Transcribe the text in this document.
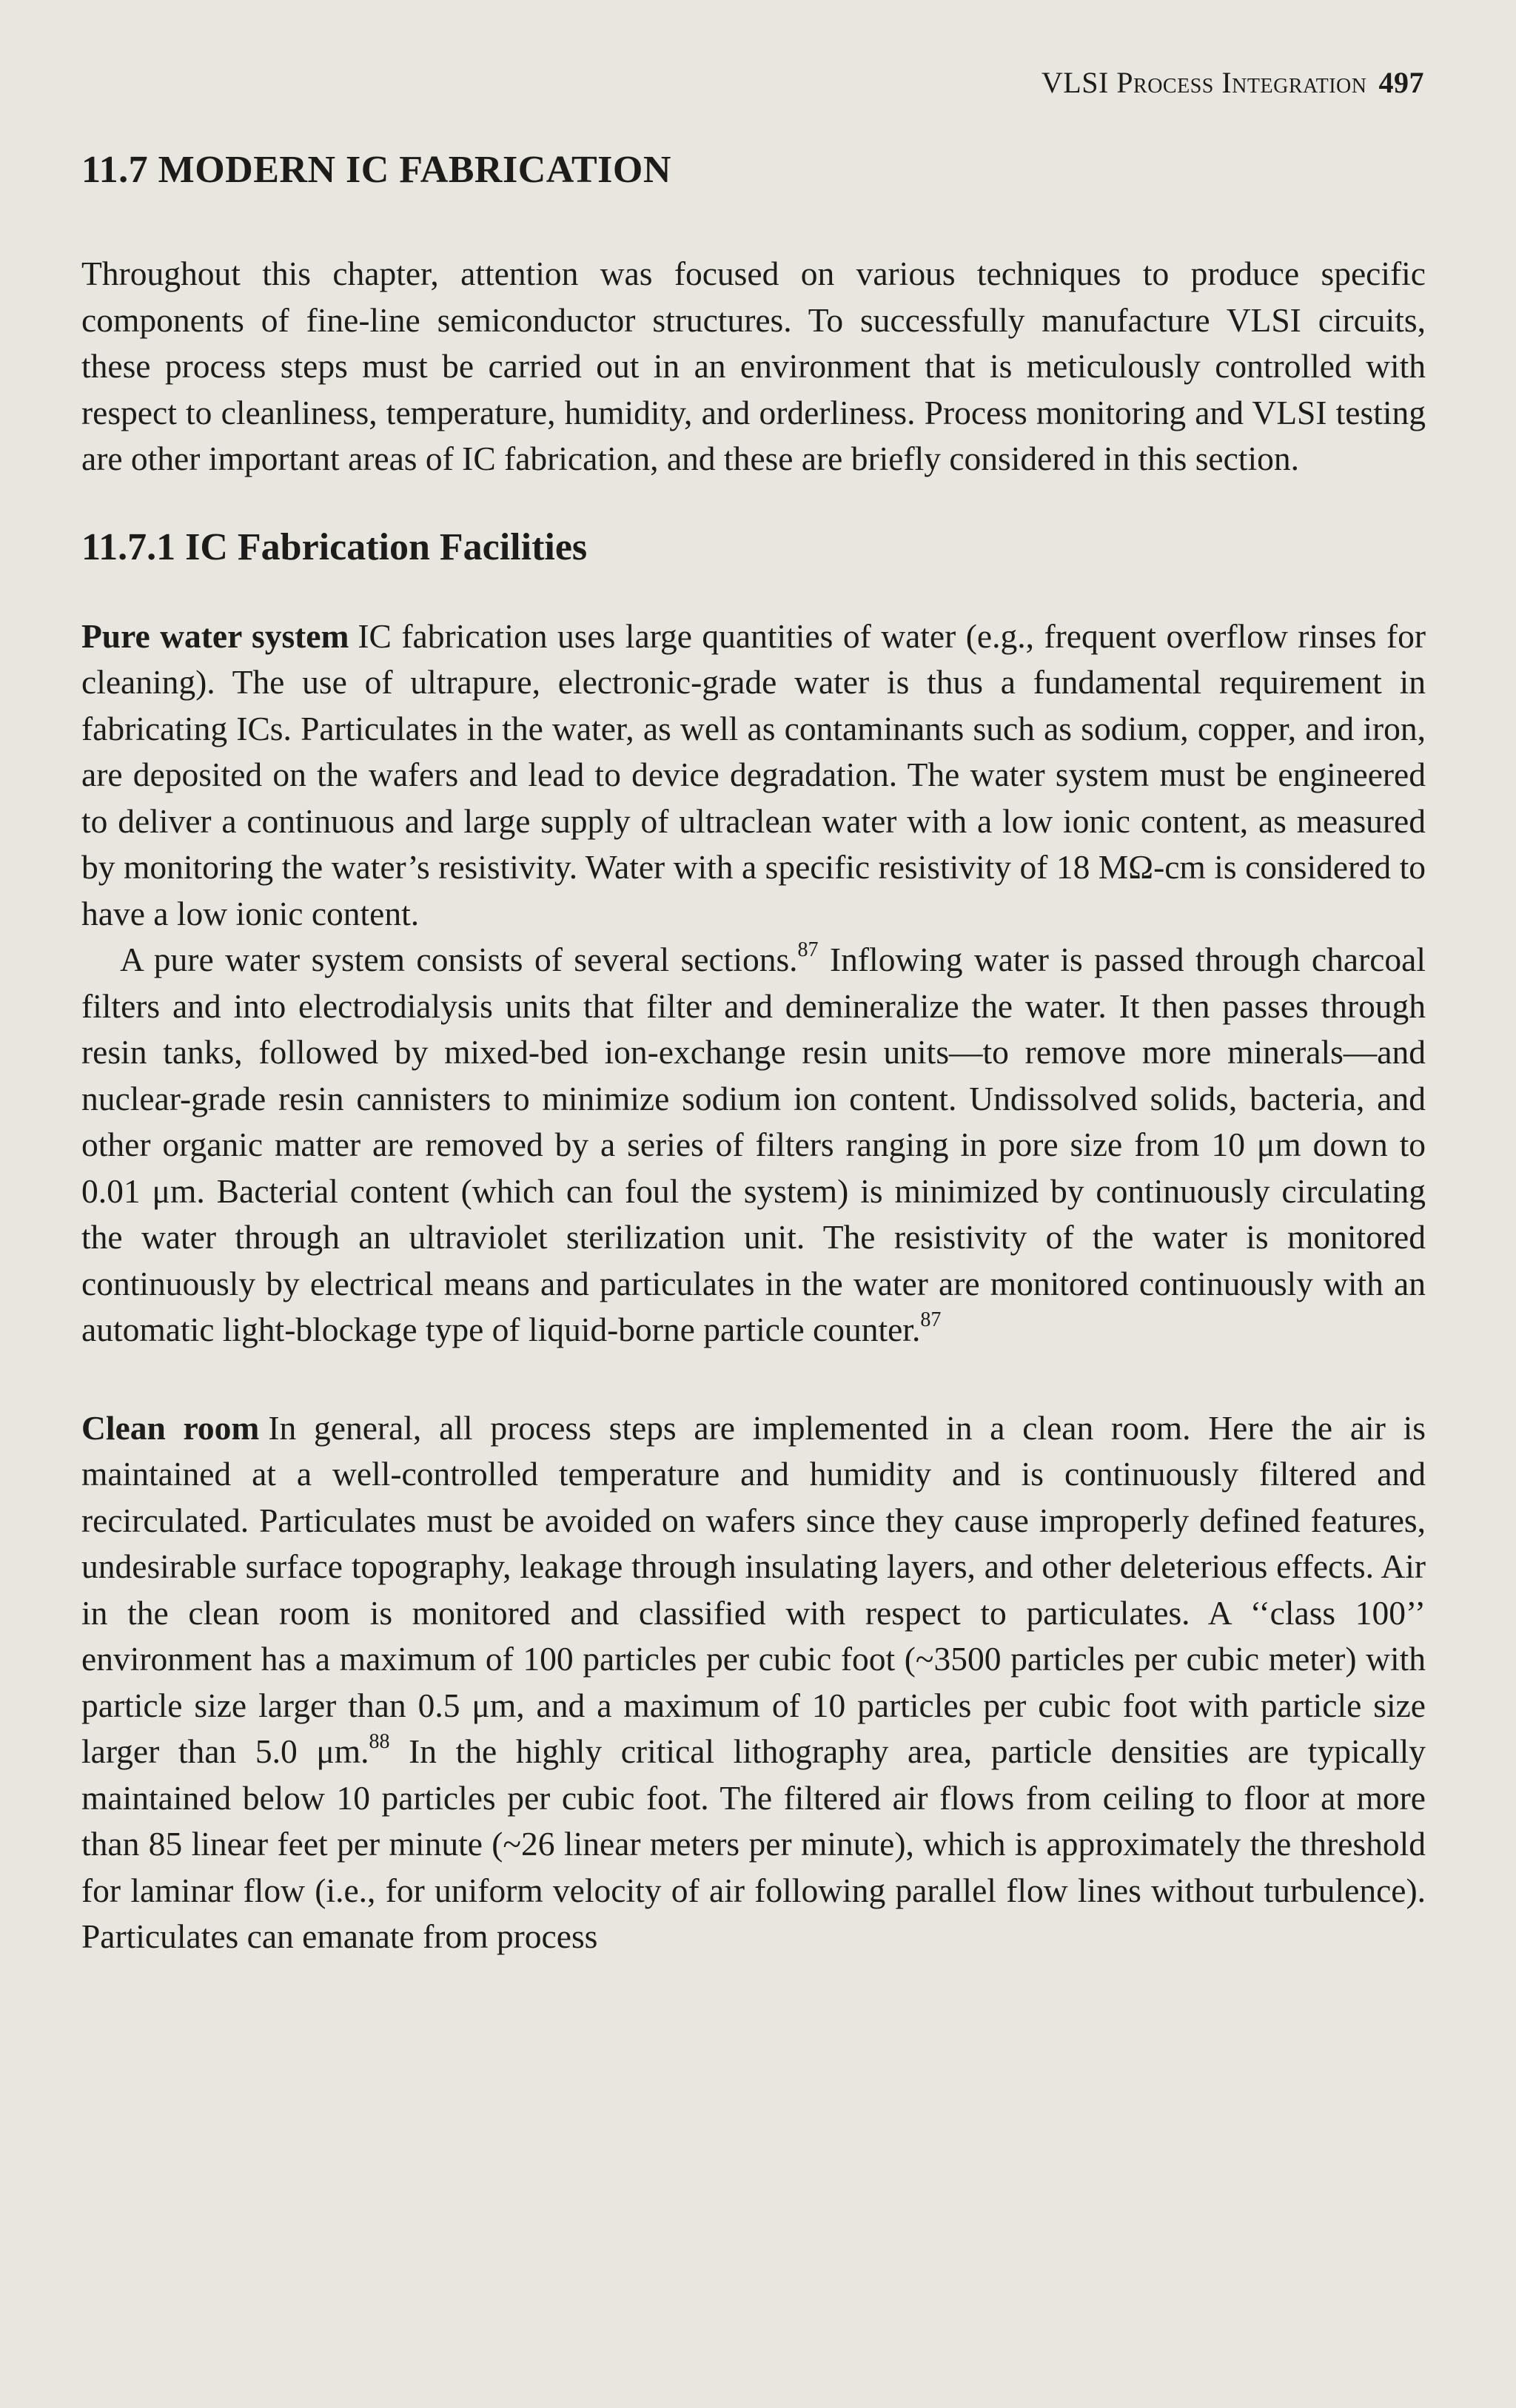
VLSI Process Integration 497
11.7 MODERN IC FABRICATION

Throughout this chapter, attention was focused on various techniques to produce specific components of fine-line semiconductor structures. To successfully manufacture VLSI circuits, these process steps must be carried out in an environment that is meticulously controlled with respect to cleanliness, temperature, humidity, and orderliness. Process monitoring and VLSI testing are other important areas of IC fabrication, and these are briefly considered in this section.

11.7.1 IC Fabrication Facilities

Pure water system IC fabrication uses large quantities of water (e.g., frequent overflow rinses for cleaning). The use of ultrapure, electronic-grade water is thus a fundamental requirement in fabricating ICs. Particulates in the water, as well as contaminants such as sodium, copper, and iron, are deposited on the wafers and lead to device degradation. The water system must be engineered to deliver a continuous and large supply of ultraclean water with a low ionic content, as measured by monitoring the water’s resistivity. Water with a specific resistivity of 18 MΩ-cm is considered to have a low ionic content.

A pure water system consists of several sections.$^{87}$ Inflowing water is passed through charcoal filters and into electrodialysis units that filter and demineralize the water. It then passes through resin tanks, followed by mixed-bed ion-exchange resin units—to remove more minerals—and nuclear-grade resin cannisters to minimize sodium ion content. Undissolved solids, bacteria, and other organic matter are removed by a series of filters ranging in pore size from 10 μm down to 0.01 μm. Bacterial content (which can foul the system) is minimized by continuously circulating the water through an ultraviolet sterilization unit. The resistivity of the water is monitored continuously by electrical means and particulates in the water are monitored continuously with an automatic light-blockage type of liquid-borne particle counter.$^{87}$

Clean room In general, all process steps are implemented in a clean room. Here the air is maintained at a well-controlled temperature and humidity and is continuously filtered and recirculated. Particulates must be avoided on wafers since they cause improperly defined features, undesirable surface topography, leakage through insulating layers, and other deleterious effects. Air in the clean room is monitored and classified with respect to particulates. A ‘‘class 100’’ environment has a maximum of 100 particles per cubic foot (~3500 particles per cubic meter) with particle size larger than 0.5 μm, and a maximum of 10 particles per cubic foot with particle size larger than 5.0 μm.$^{88}$ In the highly critical lithography area, particle densities are typically maintained below 10 particles per cubic foot. The filtered air flows from ceiling to floor at more than 85 linear feet per minute (~26 linear meters per minute), which is approximately the threshold for laminar flow (i.e., for uniform velocity of air following parallel flow lines without turbulence). Particulates can emanate from process
